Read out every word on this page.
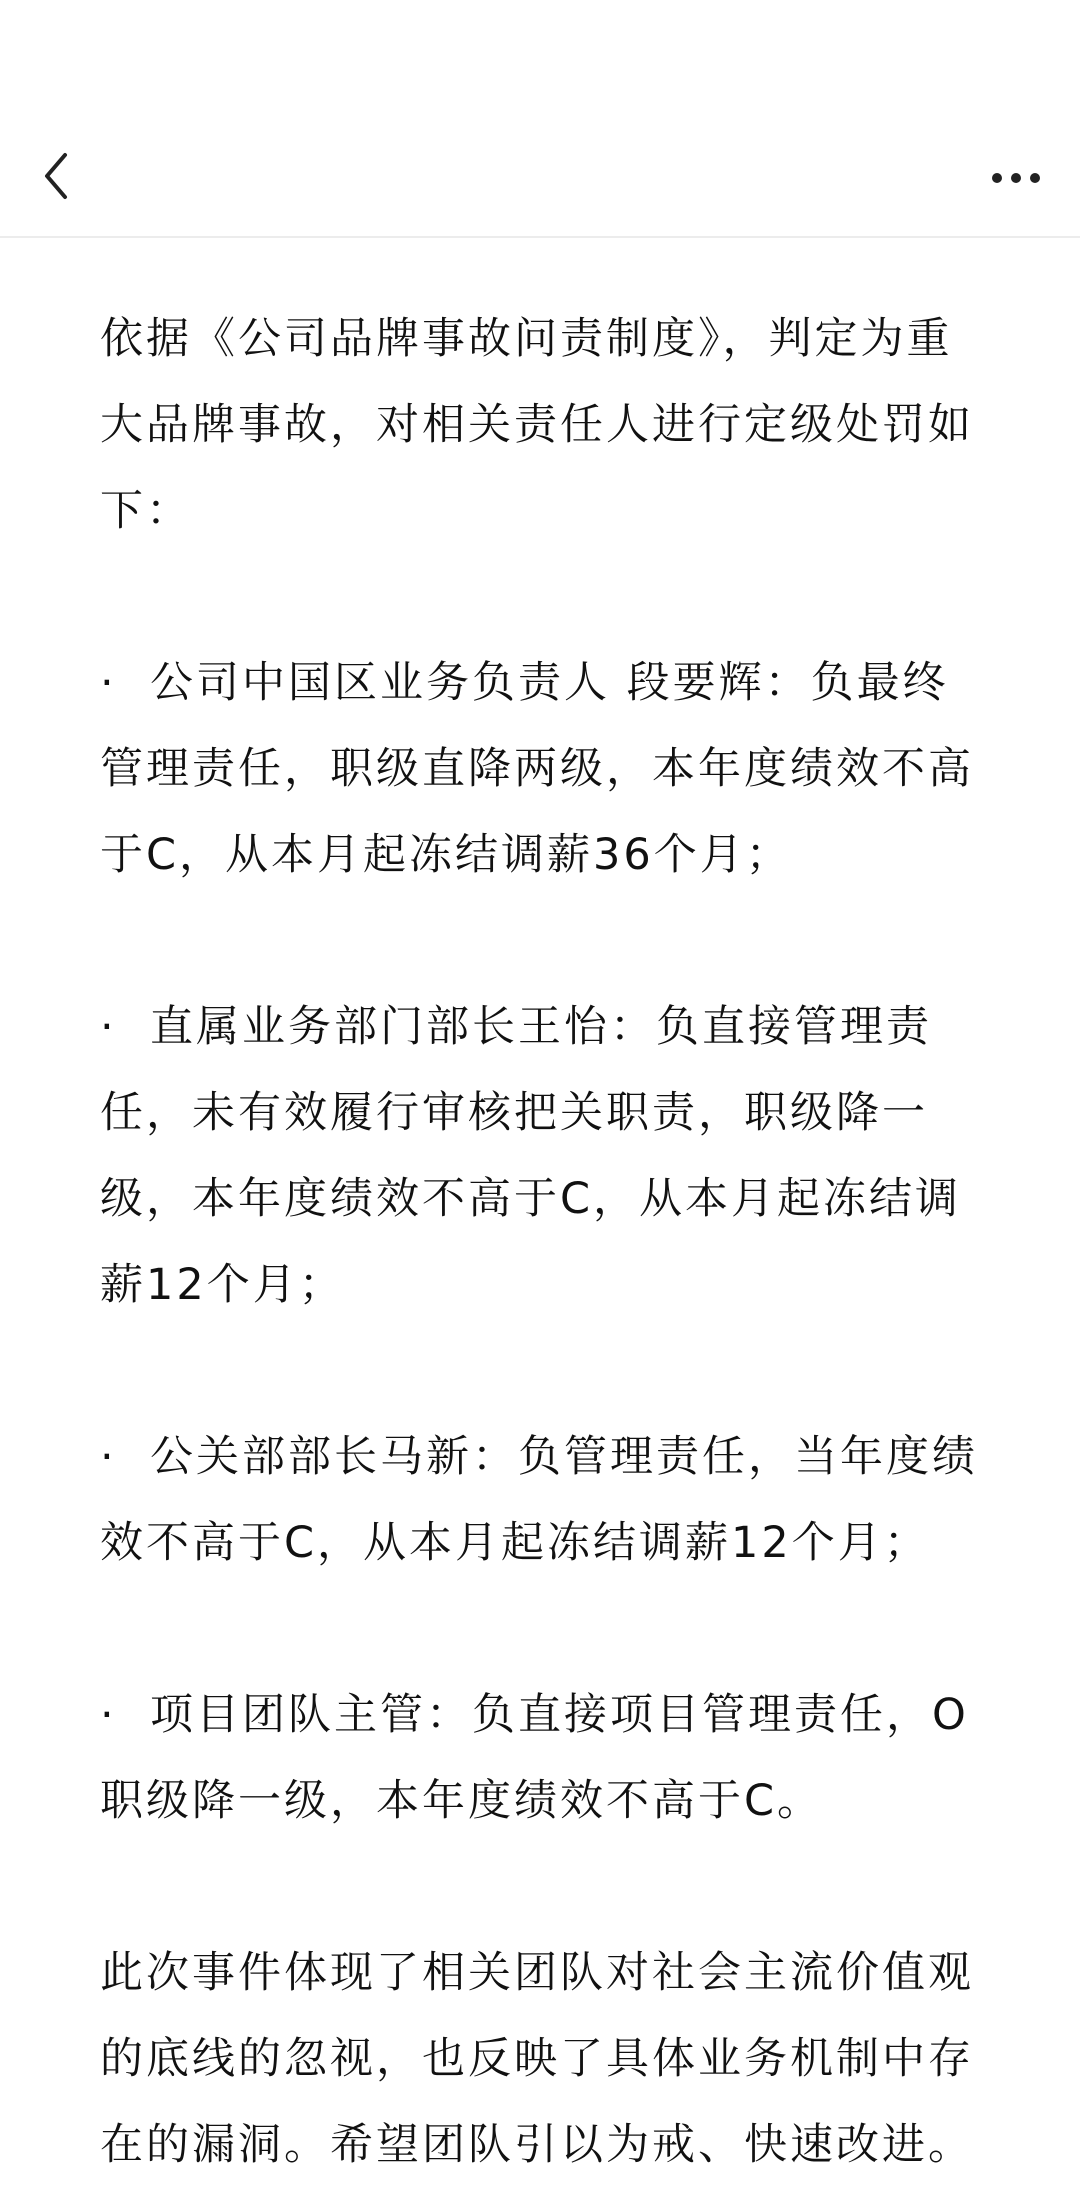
依据《公司品牌事故问责制度》，判定为重大品牌事故，对相关责任人进行定级处罚如下：

· 公司中国区业务负责人 段要辉：负最终管理责任，职级直降两级，本年度绩效不高于C，从本月起冻结调薪36个月；

· 直属业务部门部长王怡：负直接管理责任，未有效履行审核把关职责，职级降一级，本年度绩效不高于C，从本月起冻结调薪12个月；

· 公关部部长马新：负管理责任，当年度绩效不高于C，从本月起冻结调薪12个月；

· 项目团队主管：负直接项目管理责任，O职级降一级，本年度绩效不高于C。

此次事件体现了相关团队对社会主流价值观的底线的忽视，也反映了具体业务机制中存在的漏洞。希望团队引以为戒、快速改进。
